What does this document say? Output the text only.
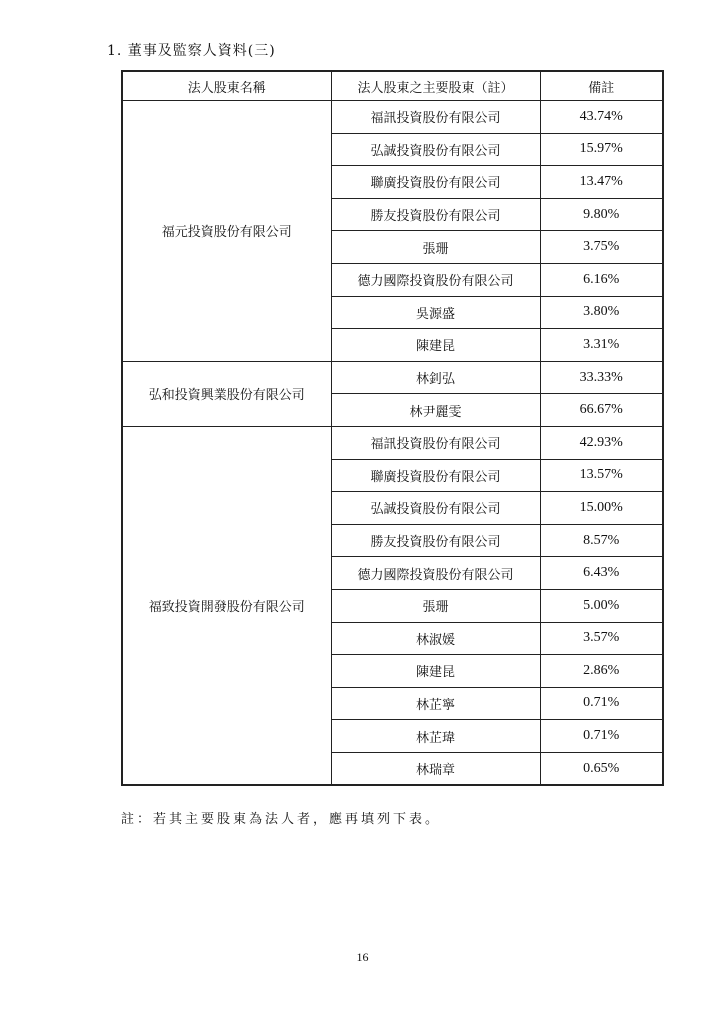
1. 董事及監察人資料(三)
法人股東名稱	法人股東之主要股東（註）	備註
福元投資股份有限公司	福訊投資股份有限公司	43.74%
	弘誠投資股份有限公司	15.97%
	聯廣投資股份有限公司	13.47%
	勝友投資股份有限公司	9.80%
	張珊	3.75%
	德力國際投資股份有限公司	6.16%
	吳源盛	3.80%
	陳建昆	3.31%
弘和投資興業股份有限公司	林釗弘	33.33%
	林尹麗雯	66.67%
福致投資開發股份有限公司	福訊投資股份有限公司	42.93%
	聯廣投資股份有限公司	13.57%
	弘誠投資股份有限公司	15.00%
	勝友投資股份有限公司	8.57%
	德力國際投資股份有限公司	6.43%
	張珊	5.00%
	林淑媛	3.57%
	陳建昆	2.86%
	林芷寧	0.71%
	林芷瑋	0.71%
	林瑞章	0.65%
註：若其主要股東為法人者，應再填列下表。
16
